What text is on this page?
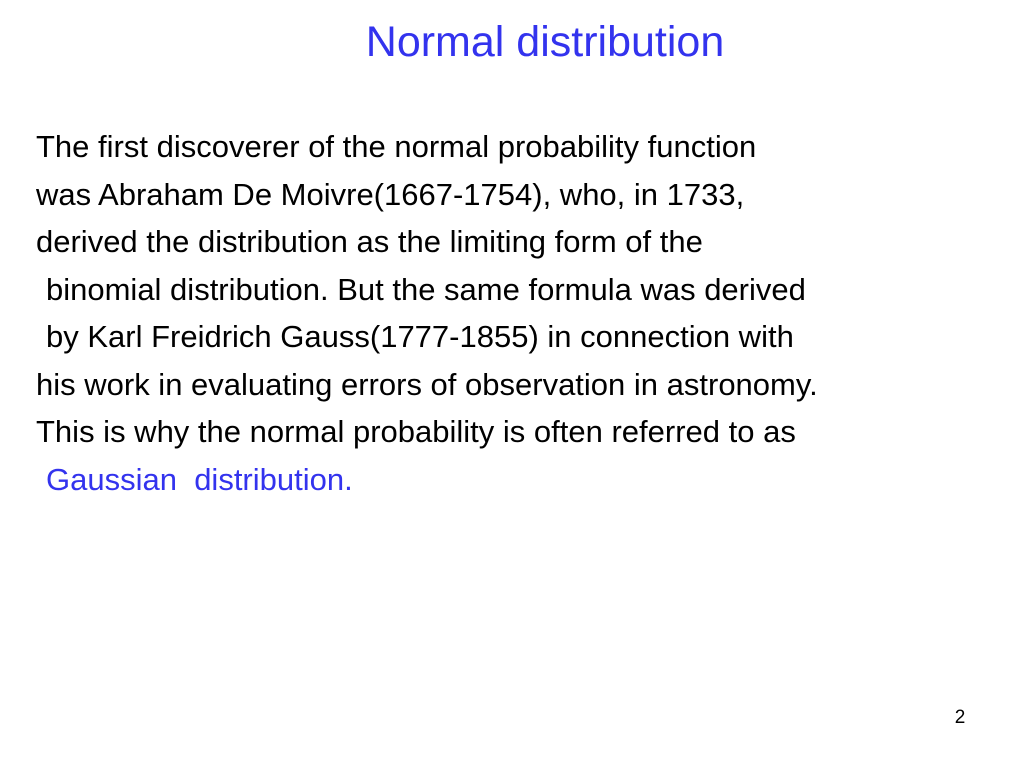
Normal distribution
The first discoverer of the normal probability function
was Abraham De Moivre(1667-1754), who, in 1733,
derived the distribution as the limiting form of the
binomial distribution. But the same formula was derived
by Karl Freidrich Gauss(1777-1855) in connection with
his work in evaluating errors of observation in astronomy.
This is why the normal probability is often referred to as
Gaussian  distribution.
2
